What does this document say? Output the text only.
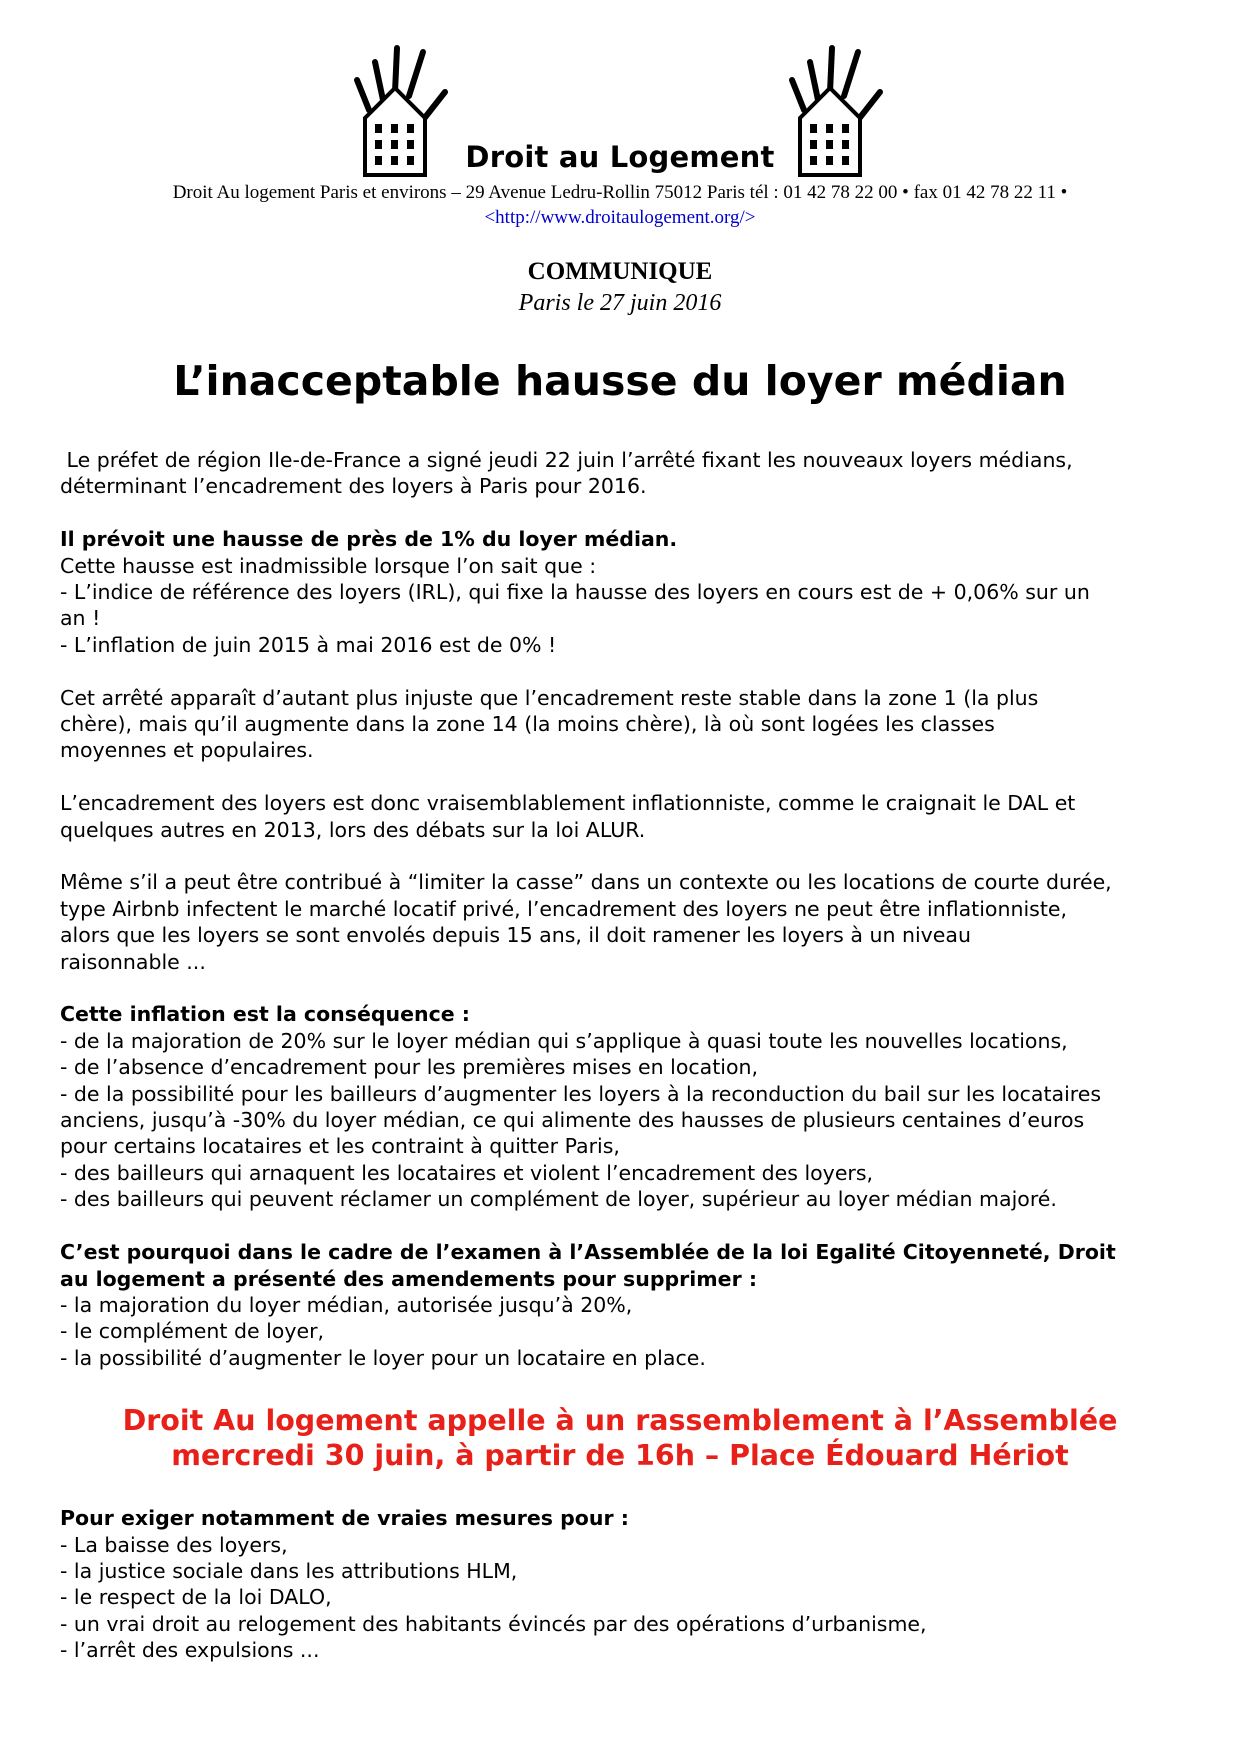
Droit au Logement
Droit Au logement Paris et environs – 29 Avenue Ledru-Rollin 75012 Paris tél : 01 42 78 22 00 • fax 01 42 78 22 11 •
<http://www.droitaulogement.org/>
COMMUNIQUE
Paris le 27 juin 2016
L’inacceptable hausse du loyer médian

Le préfet de région Ile-de-France a signé jeudi 22 juin l’arrêté fixant les nouveaux loyers médians,
déterminant l’encadrement des loyers à Paris pour 2016.

Il prévoit une hausse de près de 1% du loyer médian.
Cette hausse est inadmissible lorsque l’on sait que :
- L’indice de référence des loyers (IRL), qui fixe la hausse des loyers en cours est de + 0,06% sur un
an !
- L’inflation de juin 2015 à mai 2016 est de 0% !

Cet arrêté apparaît d’autant plus injuste que l’encadrement reste stable dans la zone 1 (la plus
chère), mais qu’il augmente dans la zone 14 (la moins chère), là où sont logées les classes
moyennes et populaires.

L’encadrement des loyers est donc vraisemblablement inflationniste, comme le craignait le DAL et
quelques autres en 2013, lors des débats sur la loi ALUR.

Même s’il a peut être contribué à “limiter la casse” dans un contexte ou les locations de courte durée,
type Airbnb infectent le marché locatif privé, l’encadrement des loyers ne peut être inflationniste,
alors que les loyers se sont envolés depuis 15 ans, il doit ramener les loyers à un niveau
raisonnable ...

Cette inflation est la conséquence :
- de la majoration de 20% sur le loyer médian qui s’applique à quasi toute les nouvelles locations,
- de l’absence d’encadrement pour les premières mises en location,
- de la possibilité pour les bailleurs d’augmenter les loyers à la reconduction du bail sur les locataires
anciens, jusqu’à -30% du loyer médian, ce qui alimente des hausses de plusieurs centaines d’euros
pour certains locataires et les contraint à quitter Paris,
- des bailleurs qui arnaquent les locataires et violent l’encadrement des loyers,
- des bailleurs qui peuvent réclamer un complément de loyer, supérieur au loyer médian majoré.

C’est pourquoi dans le cadre de l’examen à l’Assemblée de la loi Egalité Citoyenneté, Droit
au logement a présenté des amendements pour supprimer :
- la majoration du loyer médian, autorisée jusqu’à 20%,
- le complément de loyer,
- la possibilité d’augmenter le loyer pour un locataire en place.

Droit Au logement appelle à un rassemblement à l’Assemblée
mercredi 30 juin, à partir de 16h – Place Édouard Hériot

Pour exiger notamment de vraies mesures pour :
- La baisse des loyers,
- la justice sociale dans les attributions HLM,
- le respect de la loi DALO,
- un vrai droit au relogement des habitants évincés par des opérations d’urbanisme,
- l’arrêt des expulsions ...
